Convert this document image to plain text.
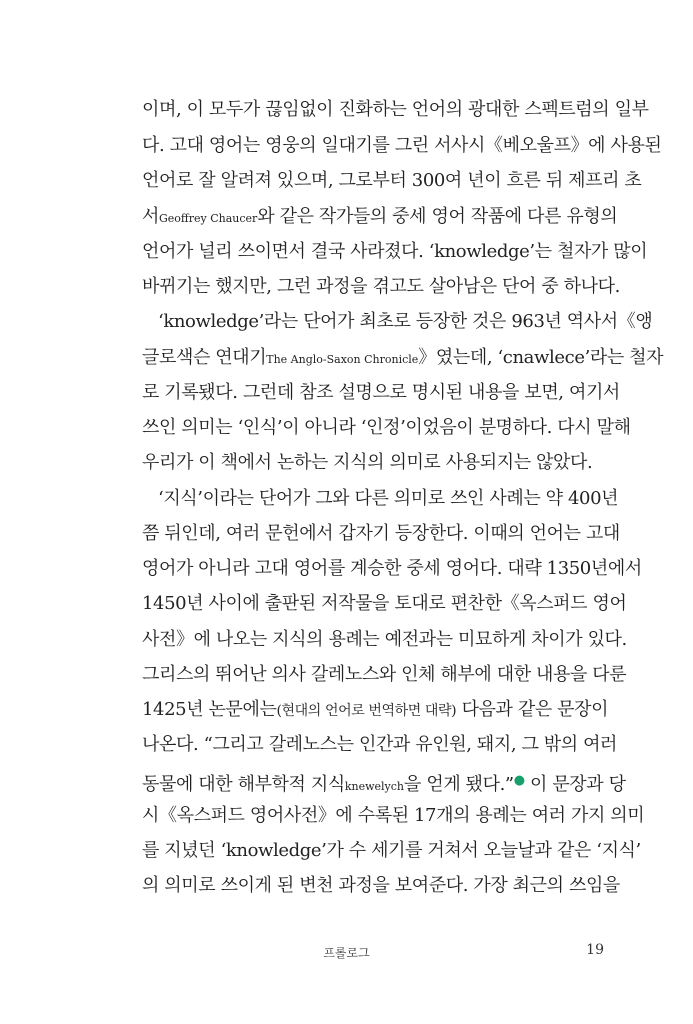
이며, 이 모두가 끊임없이 진화하는 언어의 광대한 스펙트럼의 일부

다. 고대 영어는 영웅의 일대기를 그린 서사시《베오울프》에 사용된

언어로 잘 알려져 있으며, 그로부터 300여 년이 흐른 뒤 제프리 초

서Geoffrey Chaucer와 같은 작가들의 중세 영어 작품에 다른 유형의

언어가 널리 쓰이면서 결국 사라졌다. ‘knowledge’는 철자가 많이

바뀌기는 했지만, 그런 과정을 겪고도 살아남은 단어 중 하나다.

‘knowledge’라는 단어가 최초로 등장한 것은 963년 역사서《앵

글로색슨 연대기The Anglo-Saxon Chronicle》였는데, ‘cnawlece’라는 철자

로 기록됐다. 그런데 참조 설명으로 명시된 내용을 보면, 여기서

쓰인 의미는 ‘인식’이 아니라 ‘인정’이었음이 분명하다. 다시 말해

우리가 이 책에서 논하는 지식의 의미로 사용되지는 않았다.

‘지식’이라는 단어가 그와 다른 의미로 쓰인 사례는 약 400년

쯤 뒤인데, 여러 문헌에서 갑자기 등장한다. 이때의 언어는 고대

영어가 아니라 고대 영어를 계승한 중세 영어다. 대략 1350년에서

1450년 사이에 출판된 저작물을 토대로 편찬한《옥스퍼드 영어

사전》에 나오는 지식의 용례는 예전과는 미묘하게 차이가 있다.

그리스의 뛰어난 의사 갈레노스와 인체 해부에 대한 내용을 다룬

1425년 논문에는(현대의 언어로 번역하면 대략) 다음과 같은 문장이

나온다. “그리고 갈레노스는 인간과 유인원, 돼지, 그 밖의 여러

동물에 대한 해부학적 지식knewelych을 얻게 됐다.”● 이 문장과 당

시《옥스퍼드 영어사전》에 수록된 17개의 용례는 여러 가지 의미

를 지녔던 ‘knowledge’가 수 세기를 거쳐서 오늘날과 같은 ‘지식’

의 의미로 쓰이게 된 변천 과정을 보여준다. 가장 최근의 쓰임을

프롤로그	19
